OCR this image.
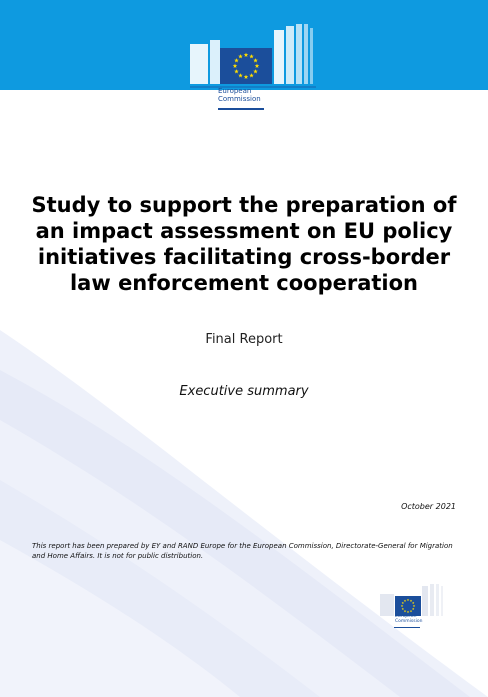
European
Commission
Study to support the preparation of an impact assessment on EU policy initiatives facilitating cross-border law enforcement cooperation
Final Report
Executive summary
October 2021
This report has been prepared by EY and RAND Europe for the European Commission, Directorate-General for Migration and Home Affairs. It is not for public distribution.
European
Commission
